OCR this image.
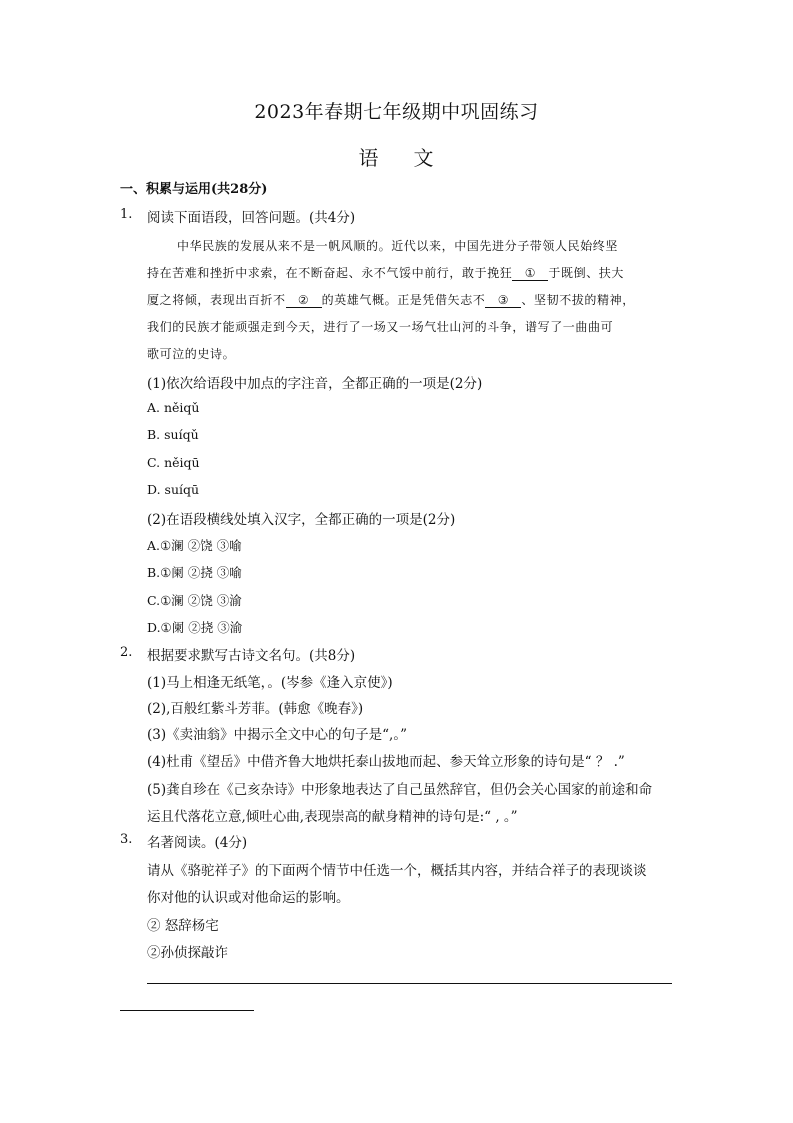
2023年春期七年级期中巩固练习
语 文
一、积累与运用(共28分)
1. 阅读下面语段，回答问题。(共4分)
中华民族的发展从来不是一帆风顺的。近代以来，中国先进分子带领人民始终坚
持在苦难和挫折中求索，在不断奋起、永不气馁中前行，敢于挽狂 ① 于既倒、扶大
厦之将倾，表现出百折不 ② 的英雄气概。正是凭借矢志不 ③ 、坚韧不拔的精神，
我们的民族才能顽强走到今天，进行了一场又一场气壮山河的斗争，谱写了一曲曲可
歌可泣的史诗。
(1)依次给语段中加点的字注音，全都正确的一项是(2分)
A. něiqǔ
B. suíqǔ
C. něiqū
D. suíqū
(2)在语段横线处填入汉字，全都正确的一项是(2分)
A.①澜 ②饶 ③喻
B.①阑 ②挠 ③喻
C.①澜 ②饶 ③渝
D.①阑 ②挠 ③渝
2. 根据要求默写古诗文名句。(共8分)
(1)马上相逢无纸笔，。(岑参《逢入京使》)
(2),百般红紫斗芳菲。(韩愈《晚春》)
(3)《卖油翁》中揭示全文中心的句子是“,。”
(4)杜甫《望岳》中借齐鲁大地烘托泰山拔地而起、参天耸立形象的诗句是“ ？ .”
(5)龚自珍在《己亥杂诗》中形象地表达了自己虽然辞官，但仍会关心国家的前途和命
运且代落花立意,倾吐心曲,表现崇高的献身精神的诗句是:“ , 。”
3. 名著阅读。(4分)
请从《骆驼祥子》的下面两个情节中任选一个，概括其内容，并结合祥子的表现谈谈
你对他的认识或对他命运的影响。
② 怒辞杨宅
②孙侦探敲诈
